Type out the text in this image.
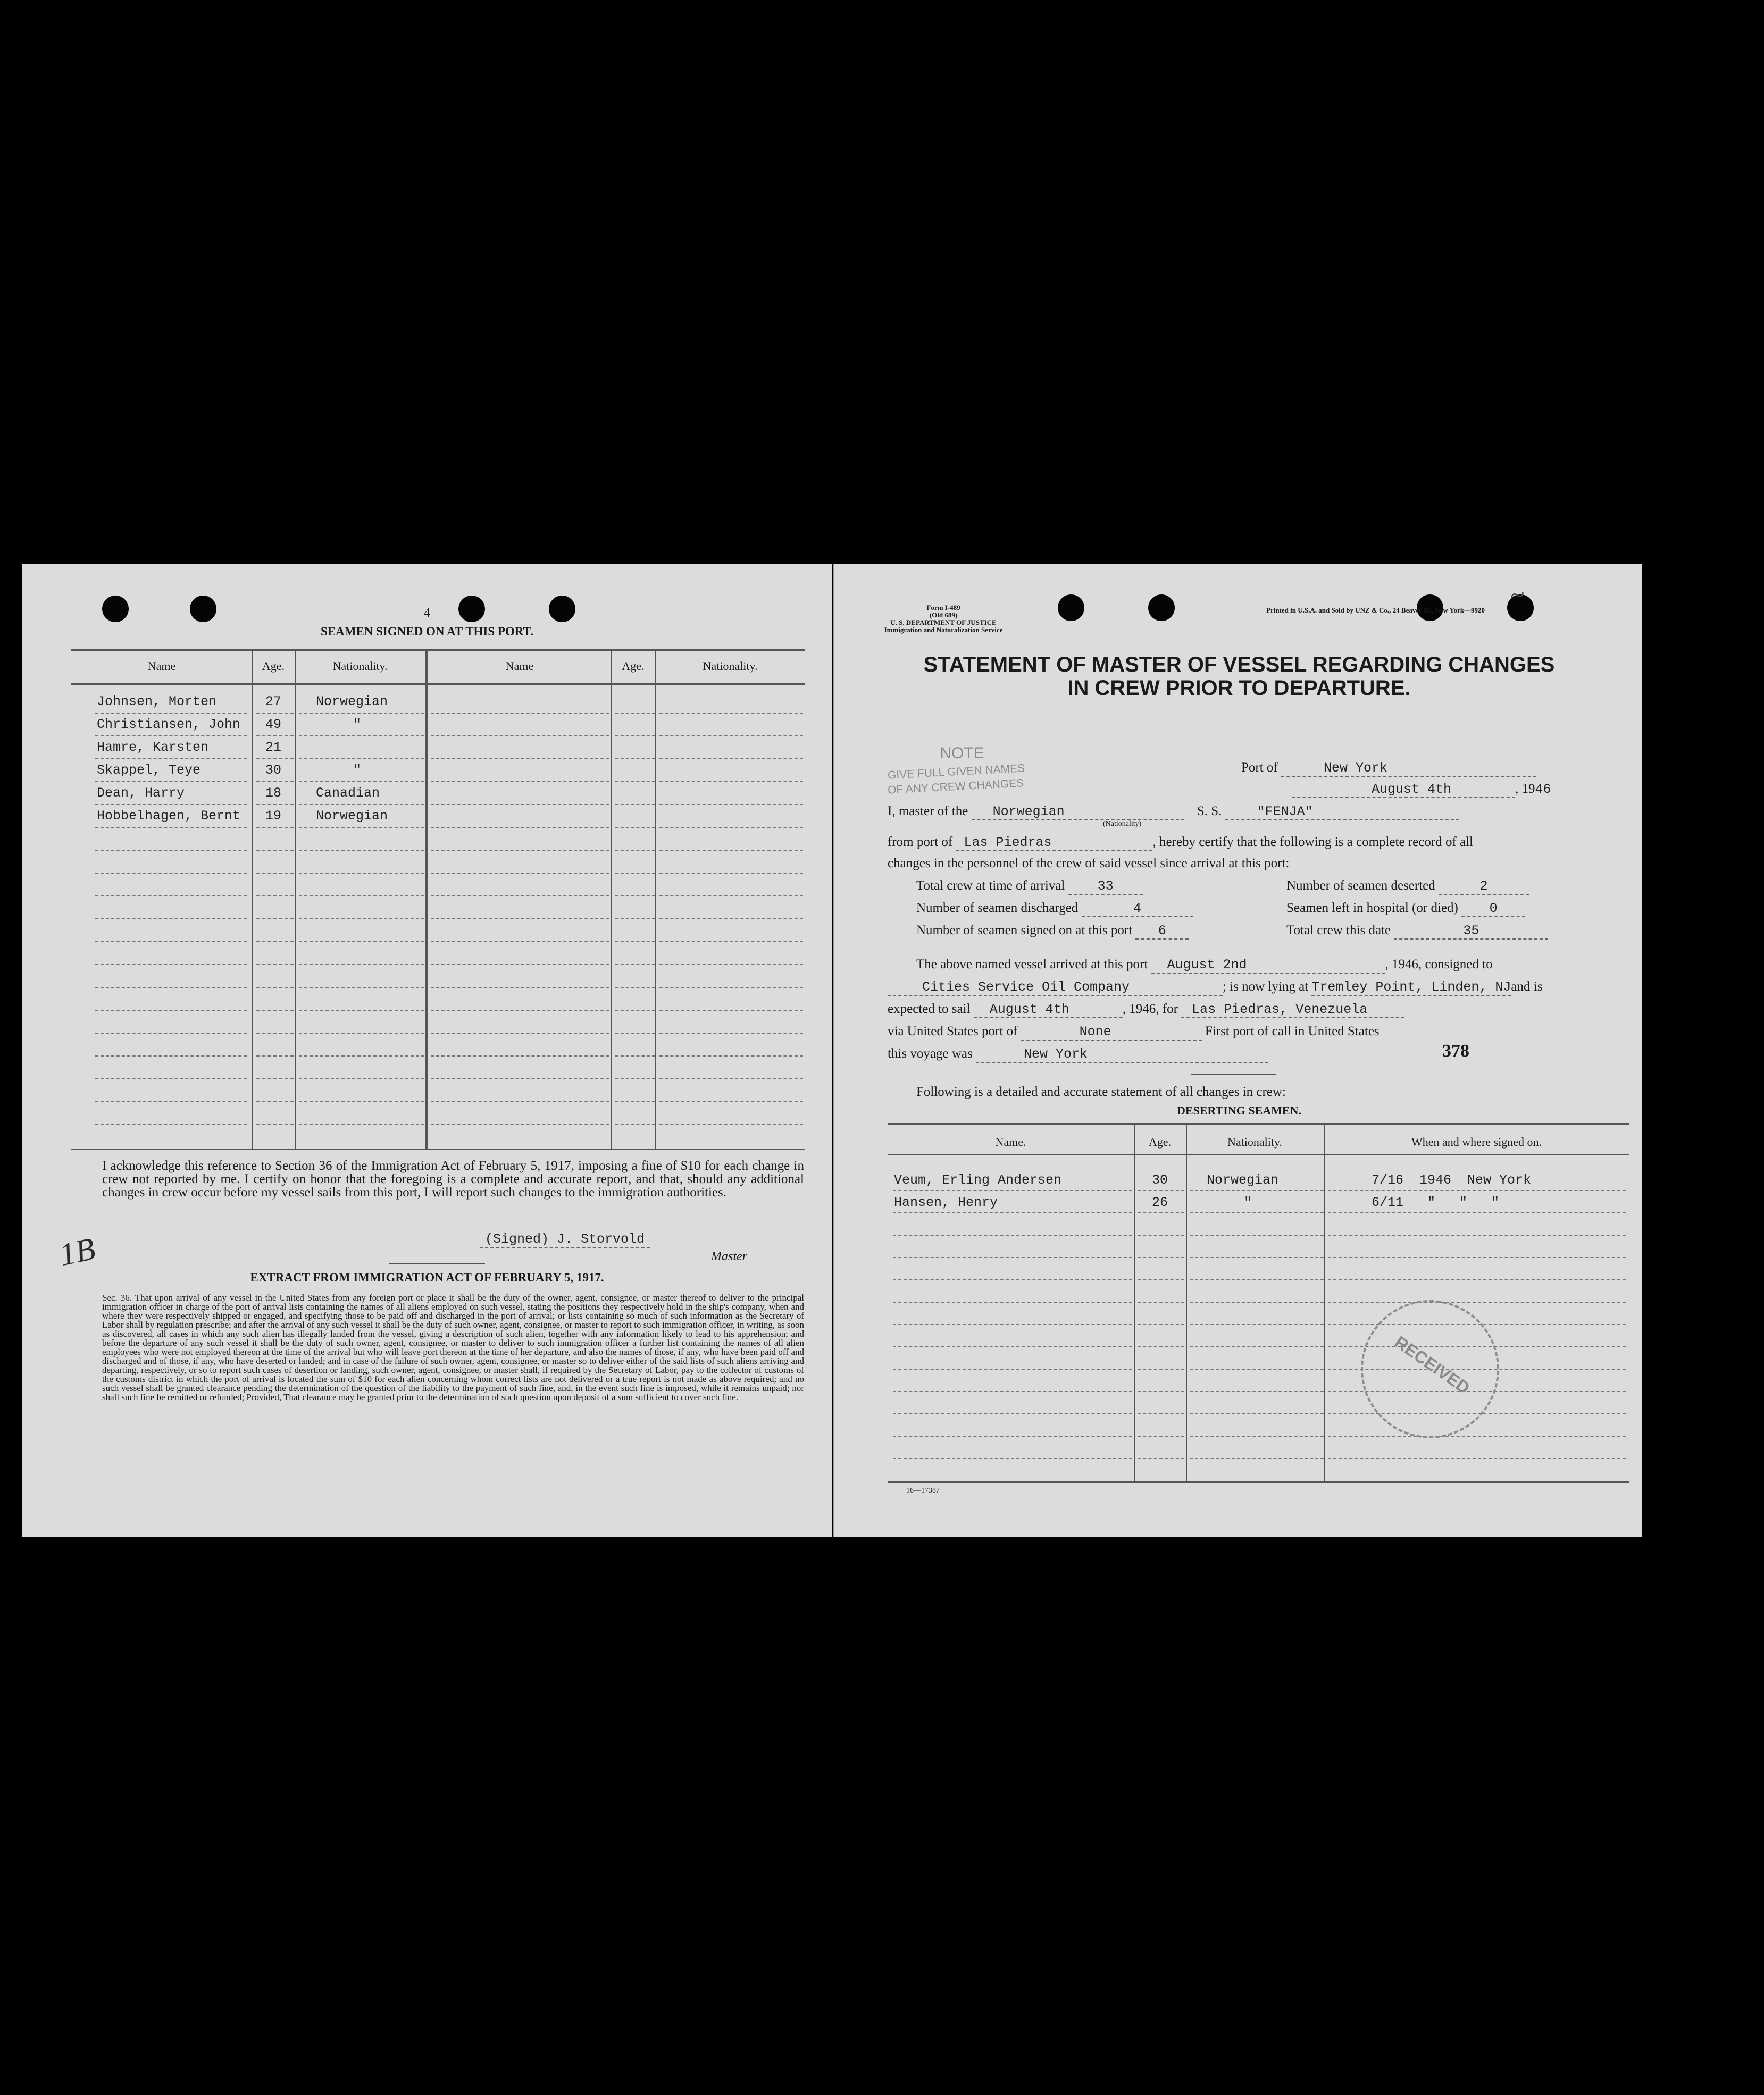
4
SEAMEN SIGNED ON AT THIS PORT.
Name	Age.	Nationality.	Name	Age.	Nationality.
Johnsen, Morten	27	Norwegian
Christiansen, John	49	"
Hamre, Karsten	21
Skappel, Teye	30	"
Dean, Harry	18	Canadian
Hobbelhagen, Bernt	19	Norwegian
I acknowledge this reference to Section 36 of the Immigration Act of February 5, 1917, imposing a fine of $10 for each change in crew not reported by me. I certify on honor that the foregoing is a complete and accurate report, and that, should any additional changes in crew occur before my vessel sails from this port, I will report such changes to the immigration authorities.
(Signed) J. Storvold
Master
1B
EXTRACT FROM IMMIGRATION ACT OF FEBRUARY 5, 1917.

Sec. 36. That upon arrival of any vessel in the United States from any foreign port or place it shall be the duty of the owner, agent, consignee, or master thereof to deliver to the principal immigration officer in charge of the port of arrival lists containing the names of all aliens employed on such vessel, stating the positions they respectively hold in the ship's company, when and where they were respectively shipped or engaged, and specifying those to be paid off and discharged in the port of arrival; or lists containing so much of such information as the Secretary of Labor shall by regulation prescribe; and after the arrival of any such vessel it shall be the duty of such owner, agent, consignee, or master to report to such immigration officer, in writing, as soon as discovered, all cases in which any such alien has illegally landed from the vessel, giving a description of such alien, together with any information likely to lead to his apprehension; and before the departure of any such vessel it shall be the duty of such owner, agent, consignee, or master to deliver to such immigration officer a further list containing the names of all alien employees who were not employed thereon at the time of the arrival but who will leave port thereon at the time of her departure, and also the names of those, if any, who have been paid off and discharged and of those, if any, who have deserted or landed; and in case of the failure of such owner, agent, consignee, or master so to deliver either of the said lists of such aliens arriving and departing, respectively, or so to report such cases of desertion or landing, such owner, agent, consignee, or master shall, if required by the Secretary of Labor, pay to the collector of customs of the customs district in which the port of arrival is located the sum of $10 for each alien concerning whom correct lists are not delivered or a true report is not made as above required; and no such vessel shall be granted clearance pending the determination of the question of the liability to the payment of such fine, and, in the event such fine is imposed, while it remains unpaid; nor shall such fine be remitted or refunded; Provided, That clearance may be granted prior to the determination of such question upon deposit of a sum sufficient to cover such fine.

Form I-489
(Old 689)
U. S. DEPARTMENT OF JUSTICE
Immigration and Naturalization Service
Printed in U.S.A. and Sold by UNZ & Co., 24 Beaver St., New York—9920 ~
STATEMENT OF MASTER OF VESSEL REGARDING CHANGES
IN CREW PRIOR TO DEPARTURE.
NOTE
GIVE FULL GIVEN NAMES
OF ANY CREW CHANGES
Port of	New York
August 4th	, 1946
I, master of the Norwegian	S. S.	"FENJA"
(Nationality)
from port of Las Piedras	, hereby certify that the following is a complete record of all
changes in the personnel of the crew of said vessel since arrival at this port:
Total crew at time of arrival 33	Number of seamen deserted	2
Number of seamen discharged	4	Seamen left in hospital (or died) 0
Number of seamen signed on at this port 6	Total crew this date	35
The above named vessel arrived at this port August 2nd	, 1946, consigned to
Cities Service Oil Company	; is now lying at Tremley Point, Linden, NJand is
expected to sail August 4th	, 1946, for Las Piedras, Venezuela
via United States port of	None	First port of call in United States
this voyage was	New York	378
Following is a detailed and accurate statement of all changes in crew:
DESERTING SEAMEN.
Name.	Age.	Nationality.	When and where signed on.
Veum, Erling Andersen	30	Norwegian	7/16  1946  New York
Hansen, Henry	26	"	6/11   "   "   "
RECEIVED
16—17387
